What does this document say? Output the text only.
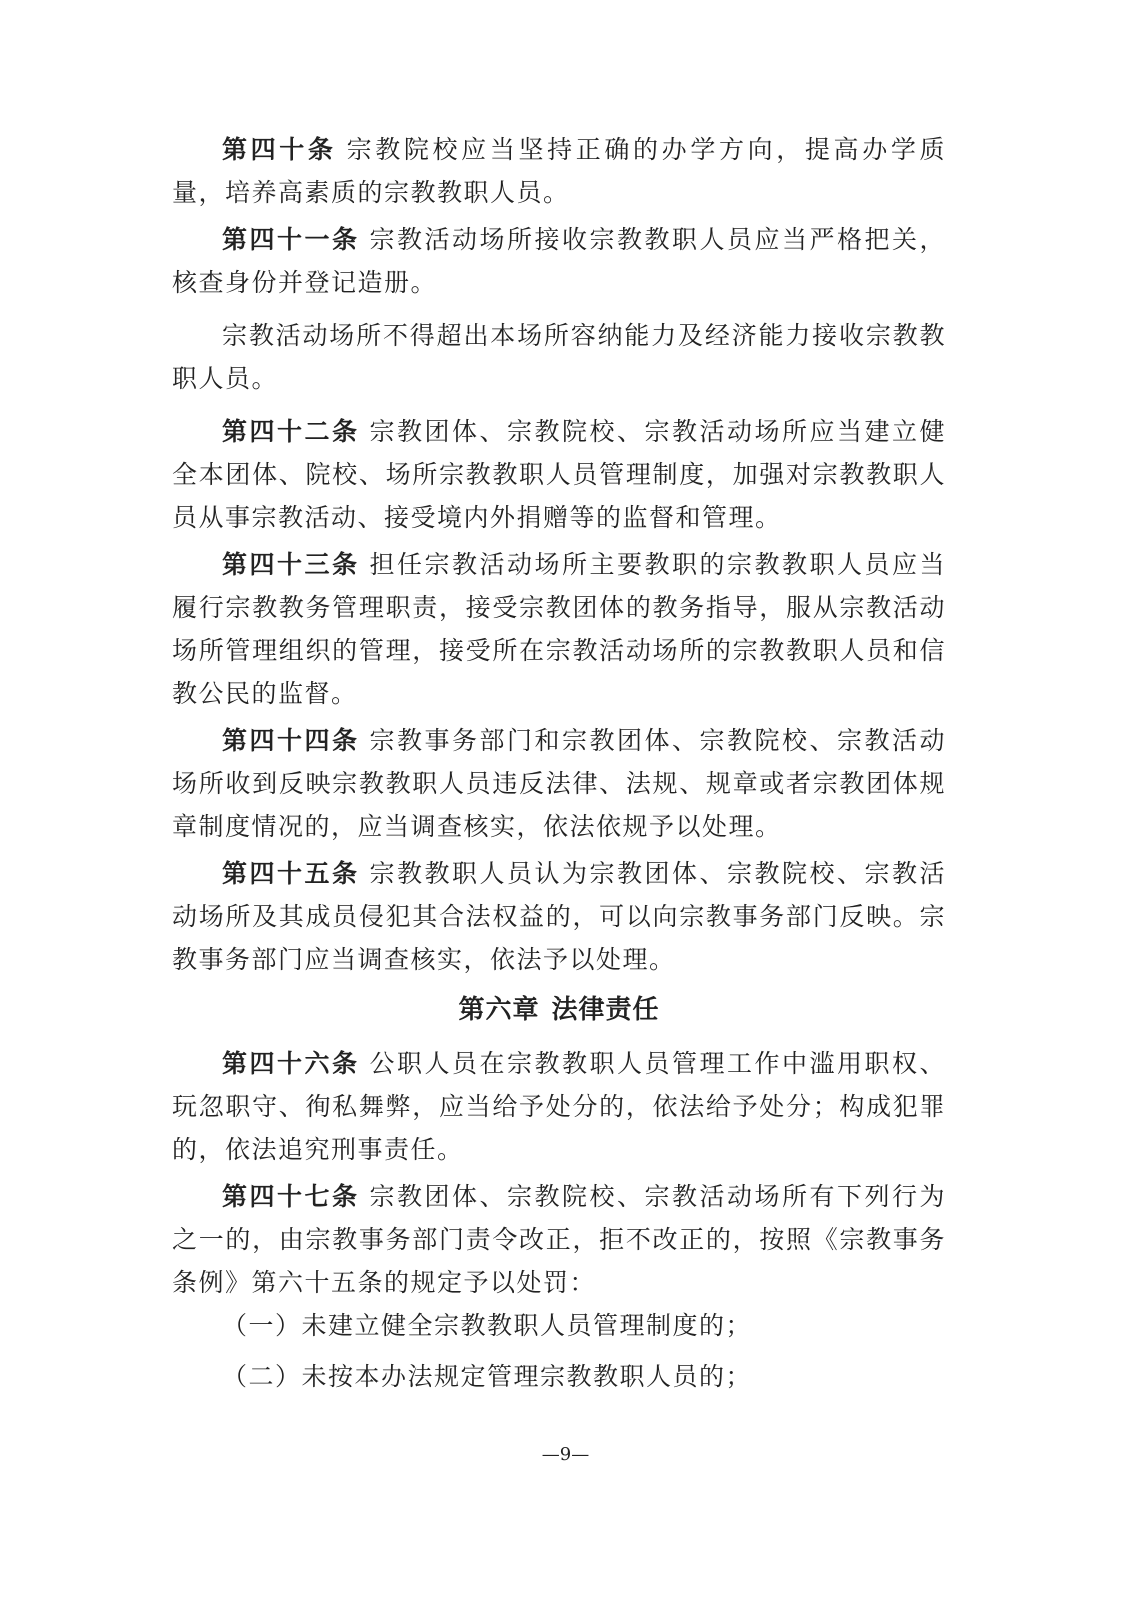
第四十条 宗教院校应当坚持正确的办学方向，提高办学质量，培养高素质的宗教教职人员。

第四十一条 宗教活动场所接收宗教教职人员应当严格把关，核查身份并登记造册。

宗教活动场所不得超出本场所容纳能力及经济能力接收宗教教职人员。

第四十二条 宗教团体、宗教院校、宗教活动场所应当建立健全本团体、院校、场所宗教教职人员管理制度，加强对宗教教职人员从事宗教活动、接受境内外捐赠等的监督和管理。

第四十三条 担任宗教活动场所主要教职的宗教教职人员应当履行宗教教务管理职责，接受宗教团体的教务指导，服从宗教活动场所管理组织的管理，接受所在宗教活动场所的宗教教职人员和信教公民的监督。

第四十四条 宗教事务部门和宗教团体、宗教院校、宗教活动场所收到反映宗教教职人员违反法律、法规、规章或者宗教团体规章制度情况的，应当调查核实，依法依规予以处理。

第四十五条 宗教教职人员认为宗教团体、宗教院校、宗教活动场所及其成员侵犯其合法权益的，可以向宗教事务部门反映。宗教事务部门应当调查核实，依法予以处理。

第六章 法律责任

第四十六条 公职人员在宗教教职人员管理工作中滥用职权、玩忽职守、徇私舞弊，应当给予处分的，依法给予处分；构成犯罪的，依法追究刑事责任。

第四十七条 宗教团体、宗教院校、宗教活动场所有下列行为之一的，由宗教事务部门责令改正，拒不改正的，按照《宗教事务条例》第六十五条的规定予以处罚：

（一）未建立健全宗教教职人员管理制度的；

（二）未按本办法规定管理宗教教职人员的；

—9—
